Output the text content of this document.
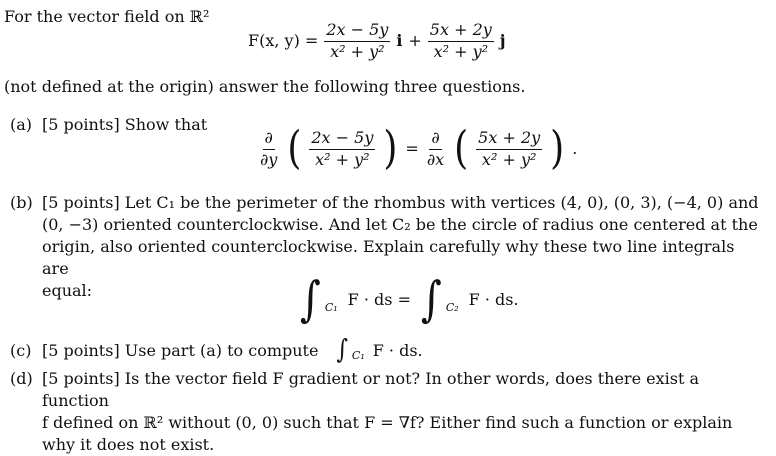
For the vector field on ℝ²
F(x, $y) = \frac{2x - 5y}{\text{x² + y²}}$ $i + \frac{5x + 2y}{\text{x² + y²}}$ j
(not defined at the origin) answer the following three questions.
(a) [5 points] Show that
$\frac{\partial}{\partial y}$ ( $\frac{2x - 5y}{\text{x² + y²}}$ ) = $\frac{\partial}{\partial x}$ ( $\frac{5x + 2y}{\text{x² + y²}}$ ) .
(b) [5 points] Let C₁ be the perimeter of the rhombus with vertices (4, 0), (0, 3), (−4, 0) and
(0, −3) oriented counterclockwise. And let C₂ be the circle of radius one centered at the
origin, also oriented counterclockwise. Explain carefully why these two line integrals are
equal:	∫ C₁ F · ds = ∫ C₂ F · ds.
(c) [5 points] Use part (a) to compute ∫ C₁ F · ds.
(d) [5 points] Is the vector field F gradient or not? In other words, does there exist a function
f defined on ℝ² without (0, 0) such that F = ∇f? Either find such a function or explain
why it does not exist.
